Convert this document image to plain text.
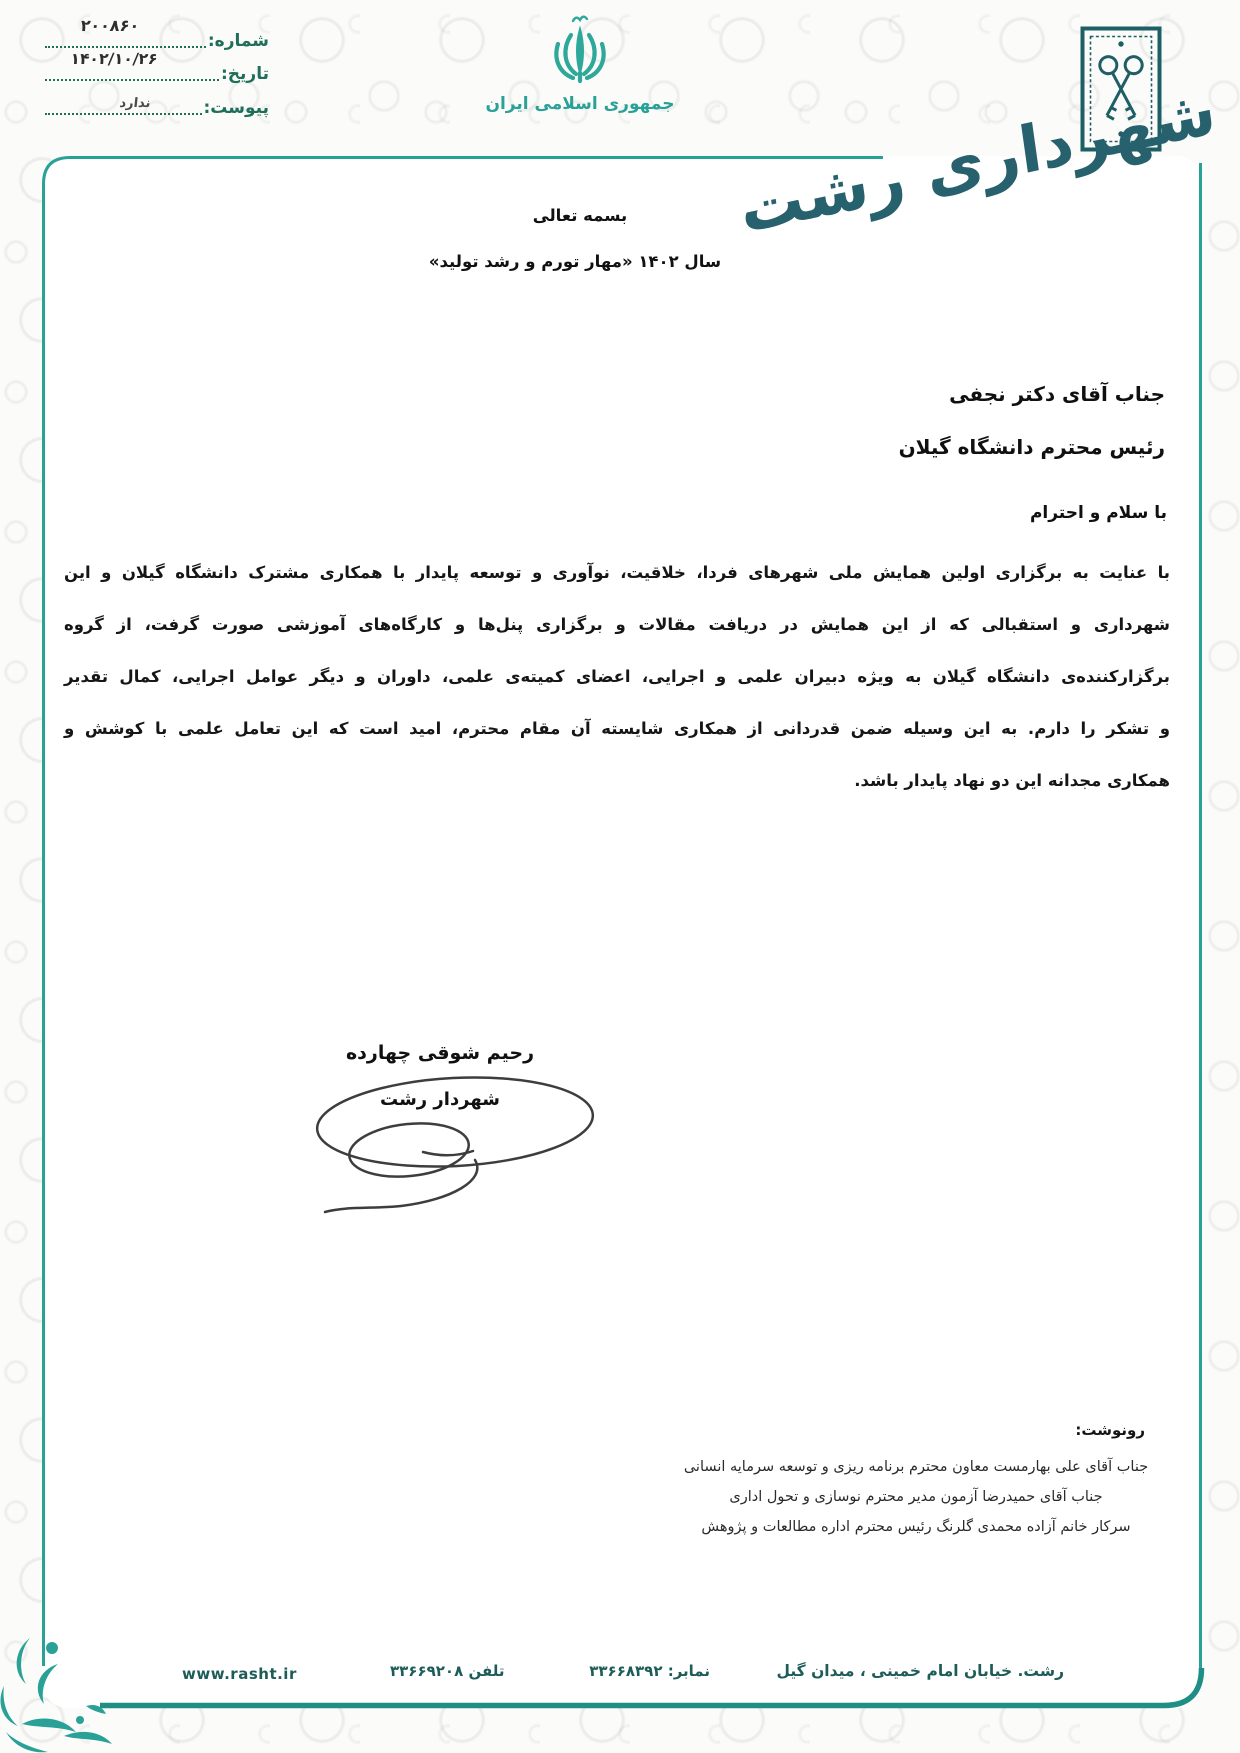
شماره:
۲۰۰۸۶۰
تاریخ:
۱۴۰۲/۱۰/۲۶
پیوست:
ندارد	جمهوری اسلامی ایران شهرداری رشت
بسمه تعالی
سال ۱۴۰۲ «مهار تورم و رشد تولید»
جناب آقای دکتر نجفی
رئیس محترم دانشگاه گیلان
با سلام و احترام
با عنایت به برگزاری اولین همایش ملی شهرهای فردا، خلاقیت، نوآوری و توسعه پایدار با همکاری مشترک دانشگاه گیلان و این
شهرداری و استقبالی که از این همایش در دریافت مقالات و برگزاری پنل‌ها و کارگاه‌های آموزشی صورت گرفت، از گروه
برگزارکننده‌ی دانشگاه گیلان به ویژه دبیران علمی و اجرایی، اعضای کمیته‌ی علمی، داوران و دیگر عوامل اجرایی، کمال تقدیر
و تشکر را دارم. به این وسیله ضمن قدردانی از همکاری شایسته آن مقام محترم، امید است که این تعامل علمی با کوشش و
همکاری مجدانه این دو نهاد پایدار باشد.
رحیم شوقی چهارده
شهردار رشت
رونوشت:
جناب آقای علی بهارمست معاون محترم برنامه ریزی و توسعه سرمایه انسانی
جناب آقای حمیدرضا آزمون مدیر محترم نوسازی و تحول اداری
سرکار خانم آزاده محمدی گلرنگ رئیس محترم اداره مطالعات و پژوهش
رشت. خیابان امام خمینی ، میدان گیل
تلفن ۳۳۶۶۹۲۰۸	نمابر: ۳۳۶۶۸۳۹۲
www.rasht.ir
